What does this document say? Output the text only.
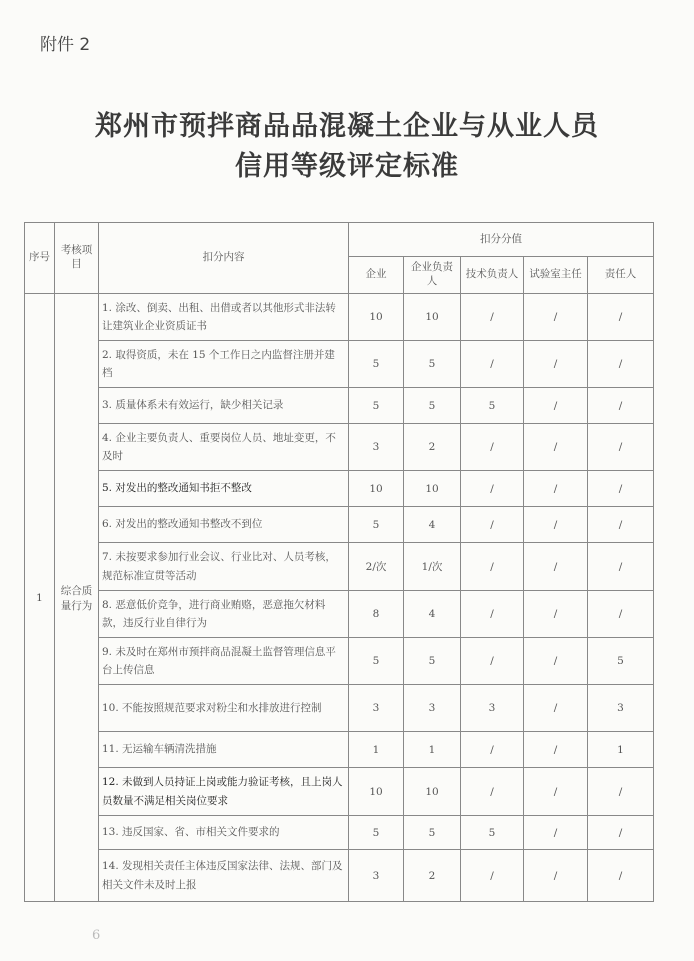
附件 2
郑州市预拌商品品混凝土企业与从业人员
信用等级评定标准
序号	考核项目	扣分内容	扣分分值				
			企业	企业负责人	技术负责人	试验室主任	责任人
1	综合质量行为	1. 涂改、倒卖、出租、出借或者以其他形式非法转让建筑业企业资质证书	10	10	/	/	/
		2. 取得资质，未在 15 个工作日之内监督注册并建档	5	5	/	/	/
		3. 质量体系未有效运行，缺少相关记录	5	5	5	/	/
		4. 企业主要负责人、重要岗位人员、地址变更，不及时	3	2	/	/	/
		5. 对发出的整改通知书拒不整改	10	10	/	/	/
		6. 对发出的整改通知书整改不到位	5	4	/	/	/
		7. 未按要求参加行业会议、行业比对、人员考核，规范标准宣贯等活动	2/次	1/次	/	/	/
		8. 恶意低价竞争，进行商业贿赂，恶意拖欠材料款，违反行业自律行为	8	4	/	/	/
		9. 未及时在郑州市预拌商品混凝土监督管理信息平台上传信息	5	5	/	/	5
		10. 不能按照规范要求对粉尘和水排放进行控制	3	3	3	/	3
		11. 无运输车辆清洗措施	1	1	/	/	1
		12. 未做到人员持证上岗或能力验证考核，且上岗人员数量不满足相关岗位要求	10	10	/	/	/
		13. 违反国家、省、市相关文件要求的	5	5	5	/	/
		14. 发现相关责任主体违反国家法律、法规、部门及相关文件未及时上报	3	2	/	/	/
6
